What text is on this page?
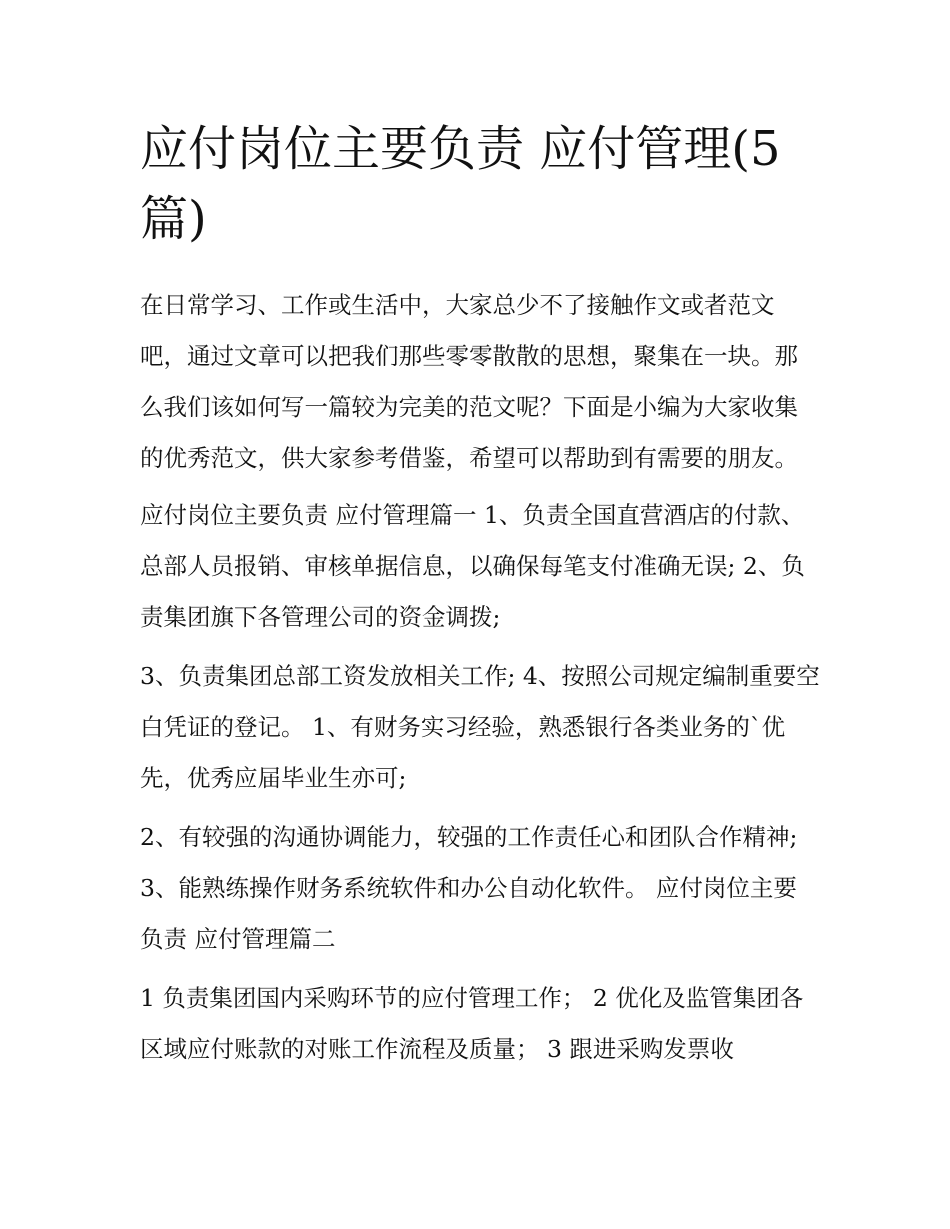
应付岗位主要负责 应付管理(5篇)

在日常学习、工作或生活中，大家总少不了接触作文或者范文吧，通过文章可以把我们那些零零散散的思想，聚集在一块。那么我们该如何写一篇较为完美的范文呢？下面是小编为大家收集的优秀范文，供大家参考借鉴，希望可以帮助到有需要的朋友。

应付岗位主要负责 应付管理篇一 1、负责全国直营酒店的付款、总部人员报销、审核单据信息，以确保每笔支付准确无误; 2、负责集团旗下各管理公司的资金调拨;

3、负责集团总部工资发放相关工作; 4、按照公司规定编制重要空白凭证的登记。 1、有财务实习经验，熟悉银行各类业务的`优先，优秀应届毕业生亦可;

2、有较强的沟通协调能力，较强的工作责任心和团队合作精神; 3、能熟练操作财务系统软件和办公自动化软件。 应付岗位主要负责 应付管理篇二

1 负责集团国内采购环节的应付管理工作； 2 优化及监管集团各区域应付账款的对账工作流程及质量； 3 跟进采购发票收
